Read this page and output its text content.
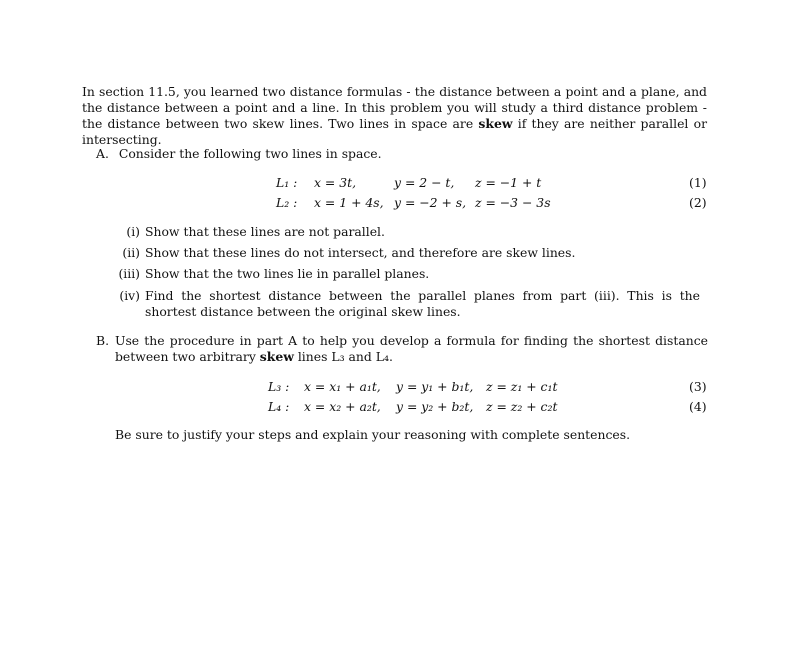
In section 11.5, you learned two distance formulas - the distance between a point and a plane, and the distance between a point and a line. In this problem you will study a third distance problem - the distance between two skew lines. Two lines in space are skew if they are neither parallel or intersecting.

A. Consider the following two lines in space.
L₁ : x = 3t,	y = 2 − t, z = −1 + t	(1)
L₂ : x = 1 + 4s, y = −2 + s, z = −3 − 3s	(2)
(i) Show that these lines are not parallel.
(ii) Show that these lines do not intersect, and therefore are skew lines.
(iii) Show that the two lines lie in parallel planes.
(iv) Find the shortest distance between the parallel planes from part (iii). This is the shortest distance between the original skew lines.
B. Use the procedure in part A to help you develop a formula for finding the shortest distance between two arbitrary skew lines L₃ and L₄.
L₃ : x = x₁ + a₁t, y = y₁ + b₁t, z = z₁ + c₁t	(3)
L₄ : x = x₂ + a₂t, y = y₂ + b₂t, z = z₂ + c₂t	(4)
Be sure to justify your steps and explain your reasoning with complete sentences.
